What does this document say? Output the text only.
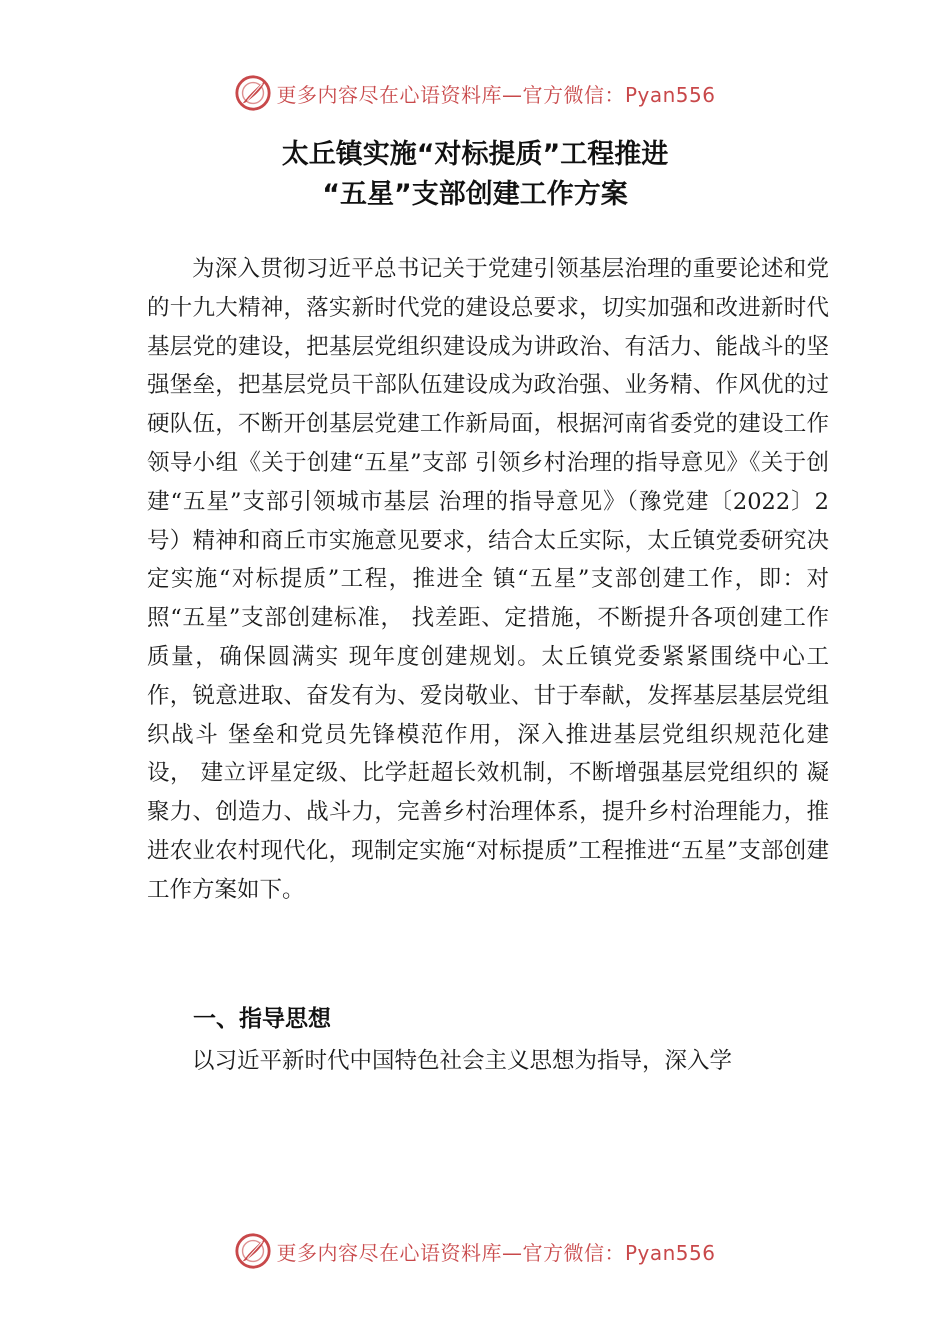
更多内容尽在心语资料库—官方微信：Pyan556
太丘镇实施“对标提质”工程推进
“五星”支部创建工作方案

为深入贯彻习近平总书记关于党建引领基层治理的重要论述和党的十九大精神，落实新时代党的建设总要求，切实加强和改进新时代基层党的建设，把基层党组织建设成为讲政治、有活力、能战斗的坚强堡垒，把基层党员干部队伍建设成为政治强、业务精、作风优的过硬队伍，不断开创基层党建工作新局面，根据河南省委党的建设工作领导小组《关于创建“五星”支部 引领乡村治理的指导意见》《关于创建“五星”支部引领城市基层 治理的指导意见》（豫党建〔2022〕2 号）精神和商丘市实施意见要求，结合太丘实际，太丘镇党委研究决定实施“对标提质”工程，推进全 镇“五星”支部创建工作，即：对照“五星”支部创建标准， 找差距、定措施，不断提升各项创建工作质量，确保圆满实 现年度创建规划。太丘镇党委紧紧围绕中心工作，锐意进取、奋发有为、爱岗敬业、甘于奉献，发挥基层基层党组织战斗 堡垒和党员先锋模范作用，深入推进基层党组织规范化建设， 建立评星定级、比学赶超长效机制，不断增强基层党组织的 凝聚力、创造力、战斗力，完善乡村治理体系，提升乡村治理能力，推进农业农村现代化，现制定实施“对标提质”工程推进“五星”支部创建工作方案如下。

一、指导思想

以习近平新时代中国特色社会主义思想为指导，深入学

更多内容尽在心语资料库—官方微信：Pyan556
